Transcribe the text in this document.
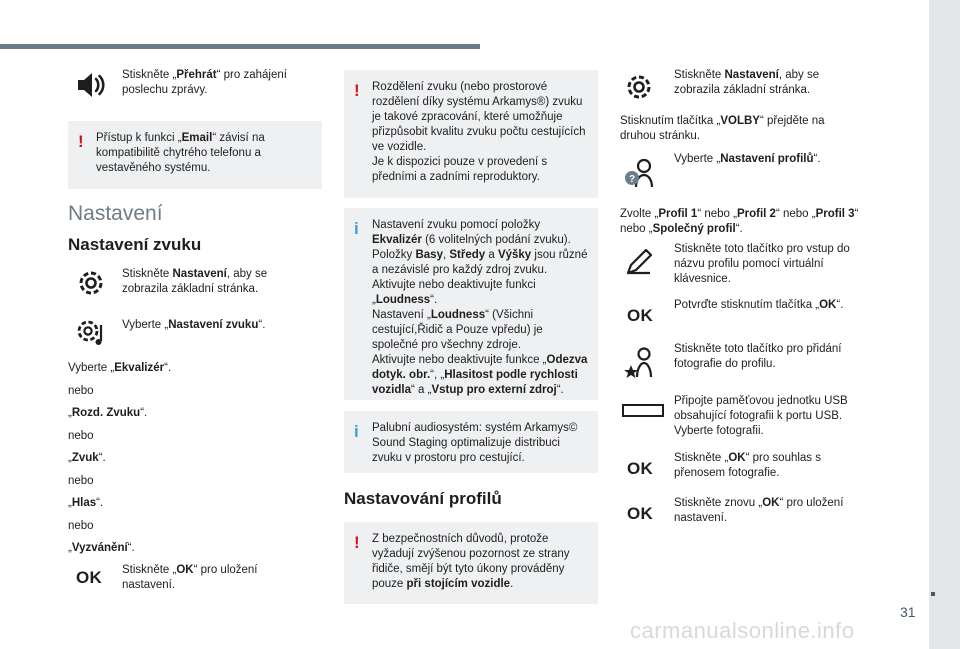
31
carmanualsonline.info
Stiskněte „Přehrát“ pro zahájení poslechu zprávy.
! Přístup k funkci „Email“ závisí na kompatibilitě chytrého telefonu a vestavěného systému.
Nastavení
Nastavení zvuku
Stiskněte Nastavení, aby se zobrazila základní stránka.
Vyberte „Nastavení zvuku“.
Vyberte „Ekvalizér“.
nebo
„Rozd. Zvuku“.
nebo
„Zvuk“.
nebo
„Hlas“.
nebo
„Vyzvánění“.
OK Stiskněte „OK“ pro uložení nastavení.
! Rozdělení zvuku (nebo prostorové rozdělení díky systému Arkamys®) zvuku je takové zpracování, které umožňuje přizpůsobit kvalitu zvuku počtu cestujících ve vozidle.
Je k dispozici pouze v provedení s předními a zadními reproduktory.
i Nastavení zvuku pomocí položky Ekvalizér (6 volitelných podání zvuku). Položky Basy, Středy a Výšky jsou různé a nezávislé pro každý zdroj zvuku.
Aktivujte nebo deaktivujte funkci „Loudness“.
Nastavení „Loudness“ (Všichni cestující,Řidič a Pouze vpředu) je společné pro všechny zdroje.
Aktivujte nebo deaktivujte funkce „Odezva dotyk. obr.“, „Hlasitost podle rychlosti vozidla“ a „Vstup pro externí zdroj“.
i Palubní audiosystém: systém Arkamys© Sound Staging optimalizuje distribuci zvuku v prostoru pro cestující.
Nastavování profilů
! Z bezpečnostních důvodů, protože vyžadují zvýšenou pozornost ze strany řidiče, smějí být tyto úkony prováděny pouze při stojícím vozidle.
Stiskněte Nastavení, aby se zobrazila základní stránka.
Stisknutím tlačítka „VOLBY“ přejděte na druhou stránku.
?
Vyberte „Nastavení profilů“.
Zvolte „Profil 1“ nebo „Profil 2“ nebo „Profil 3“ nebo „Společný profil“.
Stiskněte toto tlačítko pro vstup do názvu profilu pomocí virtuální klávesnice.
OK
Potvrďte stisknutím tlačítka „OK“.
Stiskněte toto tlačítko pro přidání fotografie do profilu.
Připojte paměťovou jednotku USB obsahující fotografii k portu USB. Vyberte fotografii.
OK
Stiskněte „OK“ pro souhlas s přenosem fotografie.
OK
Stiskněte znovu „OK“ pro uložení nastavení.
